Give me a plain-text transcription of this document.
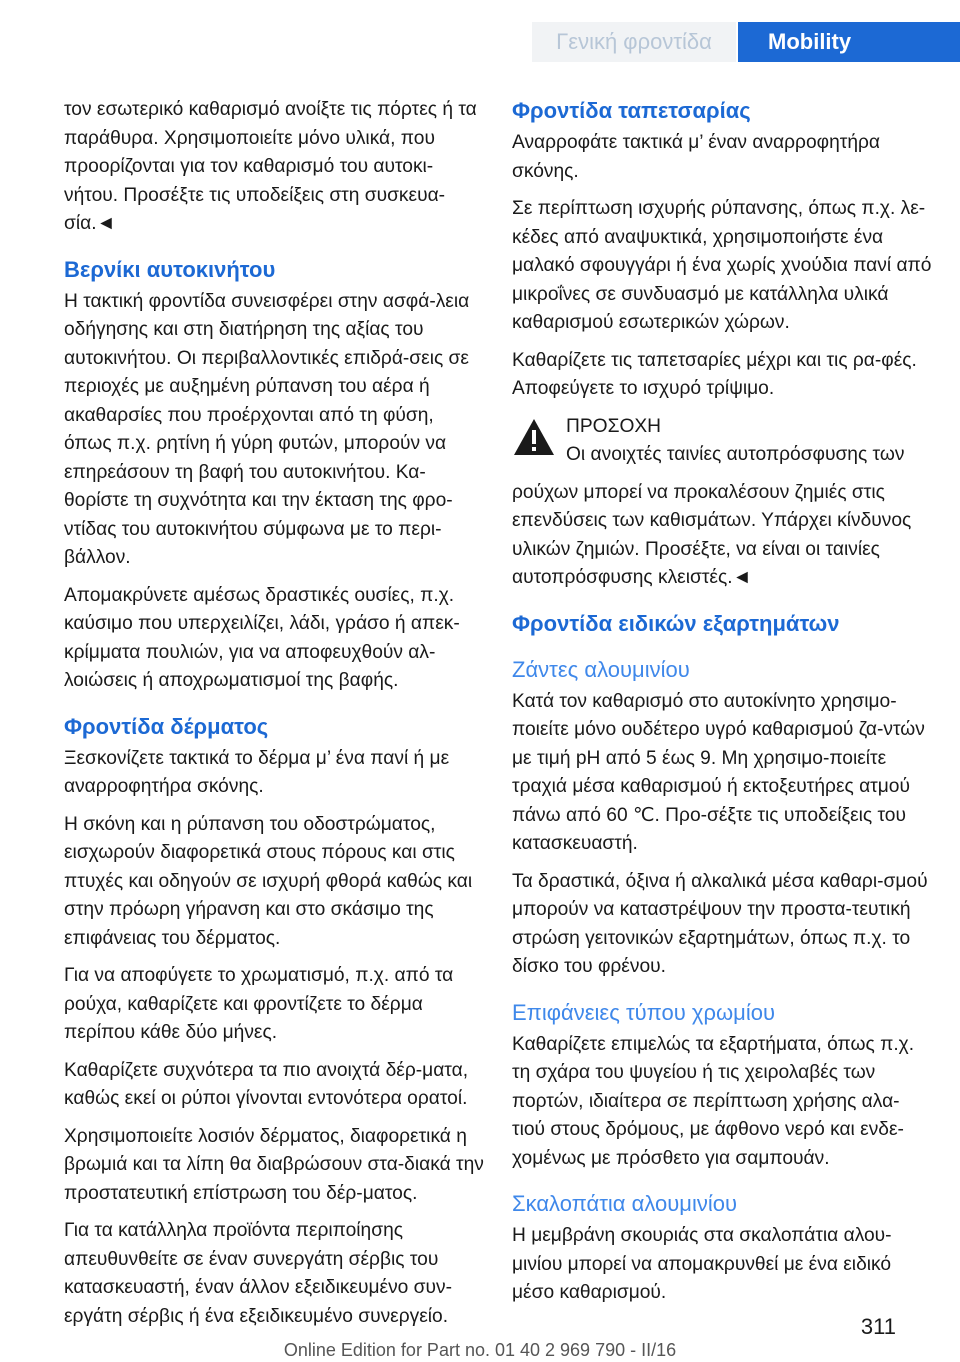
Γενική φροντίδα	Mobility

τον εσωτερικό καθαρισμό ανοίξτε τις πόρτες ή τα παράθυρα. Χρησιμοποιείτε μόνο υλικά, που προορίζονται για τον καθαρισμό του αυτοκι-νήτου. Προσέξτε τις υποδείξεις στη συσκευα-σία.◄

Βερνίκι αυτοκινήτου

Η τακτική φροντίδα συνεισφέρει στην ασφά-λεια οδήγησης και στη διατήρηση της αξίας του αυτοκινήτου. Οι περιβαλλοντικές επιδρά-σεις σε περιοχές με αυξημένη ρύπανση του αέρα ή ακαθαρσίες που προέρχονται από τη φύση, όπως π.χ. ρητίνη ή γύρη φυτών, μπορούν να επηρεάσουν τη βαφή του αυτοκινήτου. Κα-θορίστε τη συχνότητα και την έκταση της φρο-ντίδας του αυτοκινήτου σύμφωνα με το περι-βάλλον.

Απομακρύνετε αμέσως δραστικές ουσίες, π.χ. καύσιμο που υπερχειλίζει, λάδι, γράσο ή απεκ-κρίμματα πουλιών, για να αποφευχθούν αλ-λοιώσεις ή αποχρωματισμοί της βαφής.

Φροντίδα δέρματος

Ξεσκονίζετε τακτικά το δέρμα μ’ ένα πανί ή με αναρροφητήρα σκόνης.

Η σκόνη και η ρύπανση του οδοστρώματος, εισχωρούν διαφορετικά στους πόρους και στις πτυχές και οδηγούν σε ισχυρή φθορά καθώς και στην πρόωρη γήρανση και στο σκάσιμο της επιφάνειας του δέρματος.

Για να αποφύγετε το χρωματισμό, π.χ. από τα ρούχα, καθαρίζετε και φροντίζετε το δέρμα περίπου κάθε δύο μήνες.

Καθαρίζετε συχνότερα τα πιο ανοιχτά δέρ-ματα, καθώς εκεί οι ρύποι γίνονται εντονότερα ορατοί.

Χρησιμοποιείτε λοσιόν δέρματος, διαφορετικά η βρωμιά και τα λίπη θα διαβρώσουν στα-διακά την προστατευτική επίστρωση του δέρ-ματος.

Για τα κατάλληλα προϊόντα περιποίησης απευθυνθείτε σε έναν συνεργάτη σέρβις του κατασκευαστή, έναν άλλον εξειδικευμένο συν-εργάτη σέρβις ή ένα εξειδικευμένο συνεργείο.

Φροντίδα ταπετσαρίας

Αναρροφάτε τακτικά μ’ έναν αναρροφητήρα σκόνης.

Σε περίπτωση ισχυρής ρύπανσης, όπως π.χ. λε-κέδες από αναψυκτικά, χρησιμοποιήστε ένα μαλακό σφουγγάρι ή ένα χωρίς χνούδια πανί από μικροΐνες σε συνδυασμό με κατάλληλα υλικά καθαρισμού εσωτερικών χώρων.

Καθαρίζετε τις ταπετσαρίες μέχρι και τις ρα-φές. Αποφεύγετε το ισχυρό τρίψιμο.

ΠΡΟΣΟΧΗ
Οι ανοιχτές ταινίες αυτοπρόσφυσης των

ρούχων μπορεί να προκαλέσουν ζημιές στις επενδύσεις των καθισμάτων. Υπάρχει κίνδυνος υλικών ζημιών. Προσέξτε, να είναι οι ταινίες αυτοπρόσφυσης κλειστές.◄

Φροντίδα ειδικών εξαρτημάτων
Ζάντες αλουμινίου

Κατά τον καθαρισμό στο αυτοκίνητο χρησιμο-ποιείτε μόνο ουδέτερο υγρό καθαρισμού ζα-ντών με τιμή pH από 5 έως 9. Μη χρησιμο-ποιείτε τραχιά μέσα καθαρισμού ή εκτοξευτήρες ατμού πάνω από 60 ℃. Προ-σέξτε τις υποδείξεις του κατασκευαστή.

Τα δραστικά, όξινα ή αλκαλικά μέσα καθαρι-σμού μπορούν να καταστρέψουν την προστα-τευτική στρώση γειτονικών εξαρτημάτων, όπως π.χ. το δίσκο του φρένου.

Επιφάνειες τύπου χρωμίου

Καθαρίζετε επιμελώς τα εξαρτήματα, όπως π.χ. τη σχάρα του ψυγείου ή τις χειρολαβές των πορτών, ιδιαίτερα σε περίπτωση χρήσης αλα-τιού στους δρόμους, με άφθονο νερό και ενδε-χομένως με πρόσθετο για σαμπουάν.

Σκαλοπάτια αλουμινίου

Η μεμβράνη σκουριάς στα σκαλοπάτια αλου-μινίου μπορεί να απομακρυνθεί με ένα ειδικό μέσο καθαρισμού.

311
Online Edition for Part no. 01 40 2 969 790 - II/16
